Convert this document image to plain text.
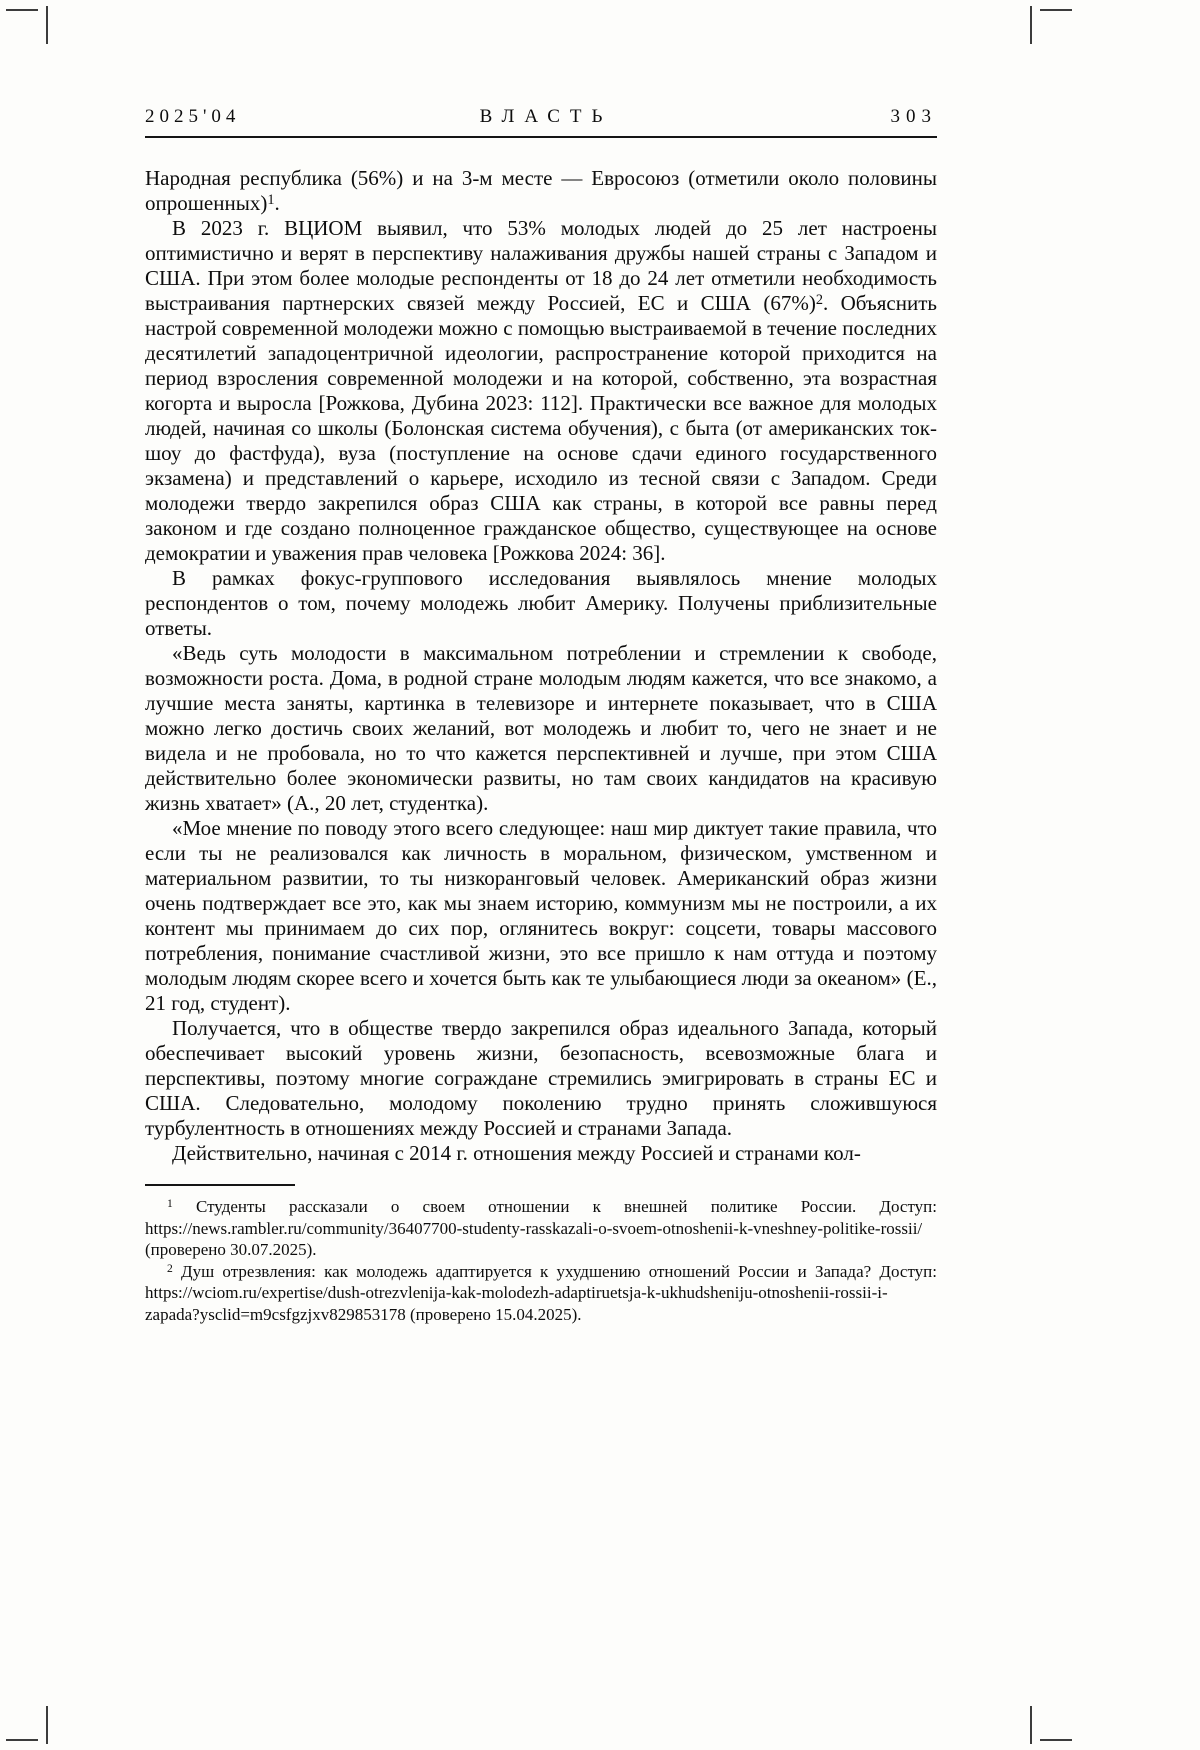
2025'04	ВЛАСТЬ	303

Народная республика (56%) и на 3-м месте — Евросоюз (отметили около половины опрошенных)$^1$.

В 2023 г. ВЦИОМ выявил, что 53% молодых людей до 25 лет настроены оптимистично и верят в перспективу налаживания дружбы нашей страны с Западом и США. При этом более молодые респонденты от 18 до 24 лет отметили необходимость выстраивания партнерских связей между Россией, ЕС и США (67%)$^2$. Объяснить настрой современной молодежи можно с помощью выстраиваемой в течение последних десятилетий западоцентричной идеологии, распространение которой приходится на период взросления современной молодежи и на которой, собственно, эта возрастная когорта и выросла [Рожкова, Дубина 2023: 112]. Практически все важное для молодых людей, начиная со школы (Болонская система обучения), с быта (от американских ток-шоу до фастфуда), вуза (поступление на основе сдачи единого государственного экзамена) и представлений о карьере, исходило из тесной связи с Западом. Среди молодежи твердо закрепился образ США как страны, в которой все равны перед законом и где создано полноценное гражданское общество, существующее на основе демократии и уважения прав человека [Рожкова 2024: 36].

В рамках фокус-группового исследования выявлялось мнение молодых респондентов о том, почему молодежь любит Америку. Получены приблизительные ответы.

«Ведь суть молодости в максимальном потреблении и стремлении к свободе, возможности роста. Дома, в родной стране молодым людям кажется, что все знакомо, а лучшие места заняты, картинка в телевизоре и интернете показывает, что в США можно легко достичь своих желаний, вот молодежь и любит то, чего не знает и не видела и не пробовала, но то что кажется перспективней и лучше, при этом США действительно более экономически развиты, но там своих кандидатов на красивую жизнь хватает» (А., 20 лет, студентка).

«Мое мнение по поводу этого всего следующее: наш мир диктует такие правила, что если ты не реализовался как личность в моральном, физическом, умственном и материальном развитии, то ты низкоранговый человек. Американский образ жизни очень подтверждает все это, как мы знаем историю, коммунизм мы не построили, а их контент мы принимаем до сих пор, оглянитесь вокруг: соцсети, товары массового потребления, понимание счастливой жизни, это все пришло к нам оттуда и поэтому молодым людям скорее всего и хочется быть как те улыбающиеся люди за океаном» (Е., 21 год, студент).

Получается, что в обществе твердо закрепился образ идеального Запада, который обеспечивает высокий уровень жизни, безопасность, всевозможные блага и перспективы, поэтому многие сограждане стремились эмигрировать в страны ЕС и США. Следовательно, молодому поколению трудно принять сложившуюся турбулентность в отношениях между Россией и странами Запада.

Действительно, начиная с 2014 г. отношения между Россией и странами кол-

$^1$ Студенты рассказали о своем отношении к внешней политике России. Доступ: https://news.rambler.ru/community/36407700-studenty-rasskazali-o-svoem-otnoshenii-k-vneshney-politike-rossii/ (проверено 30.07.2025).

$^2$ Душ отрезвления: как молодежь адаптируется к ухудшению отношений России и Запада? Доступ: https://wciom.ru/expertise/dush-otrezvlenija-kak-molodezh-adaptiruetsja-k-ukhudsheniju-otnoshenii-rossii-i-zapada?ysclid=m9csfgzjxv829853178 (проверено 15.04.2025).
